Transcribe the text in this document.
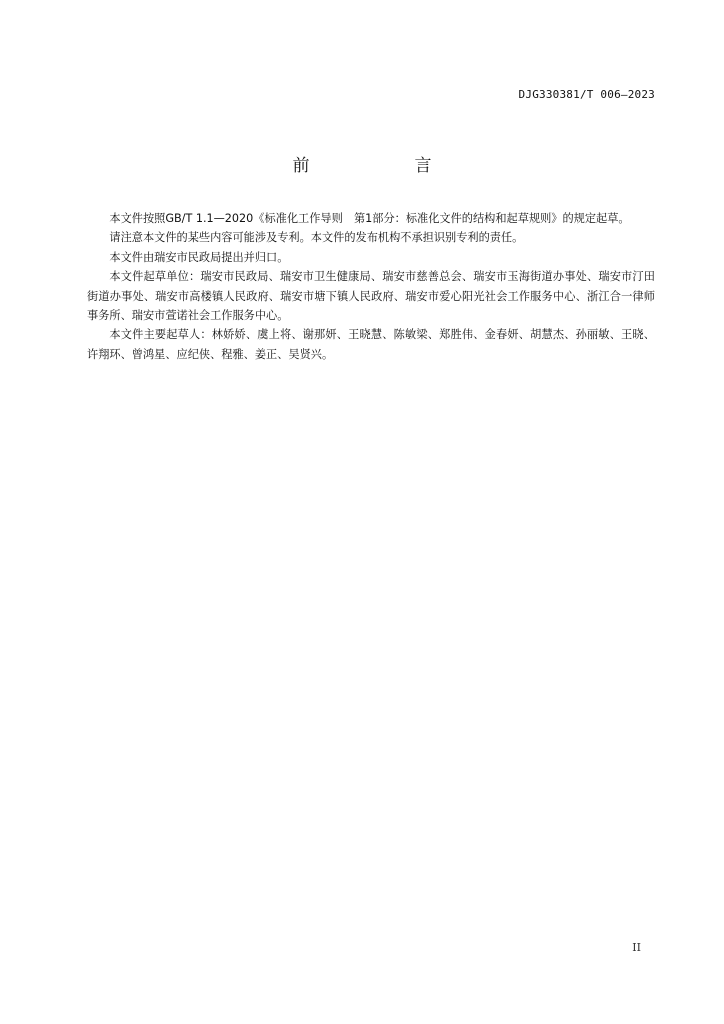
DJG330381/T 006—2023
前　言

本文件按照GB/T 1.1—2020《标准化工作导则　第1部分：标准化文件的结构和起草规则》的规定起草。

请注意本文件的某些内容可能涉及专利。本文件的发布机构不承担识别专利的责任。

本文件由瑞安市民政局提出并归口。

本文件起草单位：瑞安市民政局、瑞安市卫生健康局、瑞安市慈善总会、瑞安市玉海街道办事处、瑞安市汀田街道办事处、瑞安市高楼镇人民政府、瑞安市塘下镇人民政府、瑞安市爱心阳光社会工作服务中心、浙江合一律师事务所、瑞安市萱诺社会工作服务中心。

本文件主要起草人：林娇娇、虞上将、谢那妍、王晓慧、陈敏梁、郑胜伟、金春妍、胡慧杰、孙丽敏、王晓、许翔环、曾鸿星、应纪侠、程雅、姜正、吴贤兴。

II
